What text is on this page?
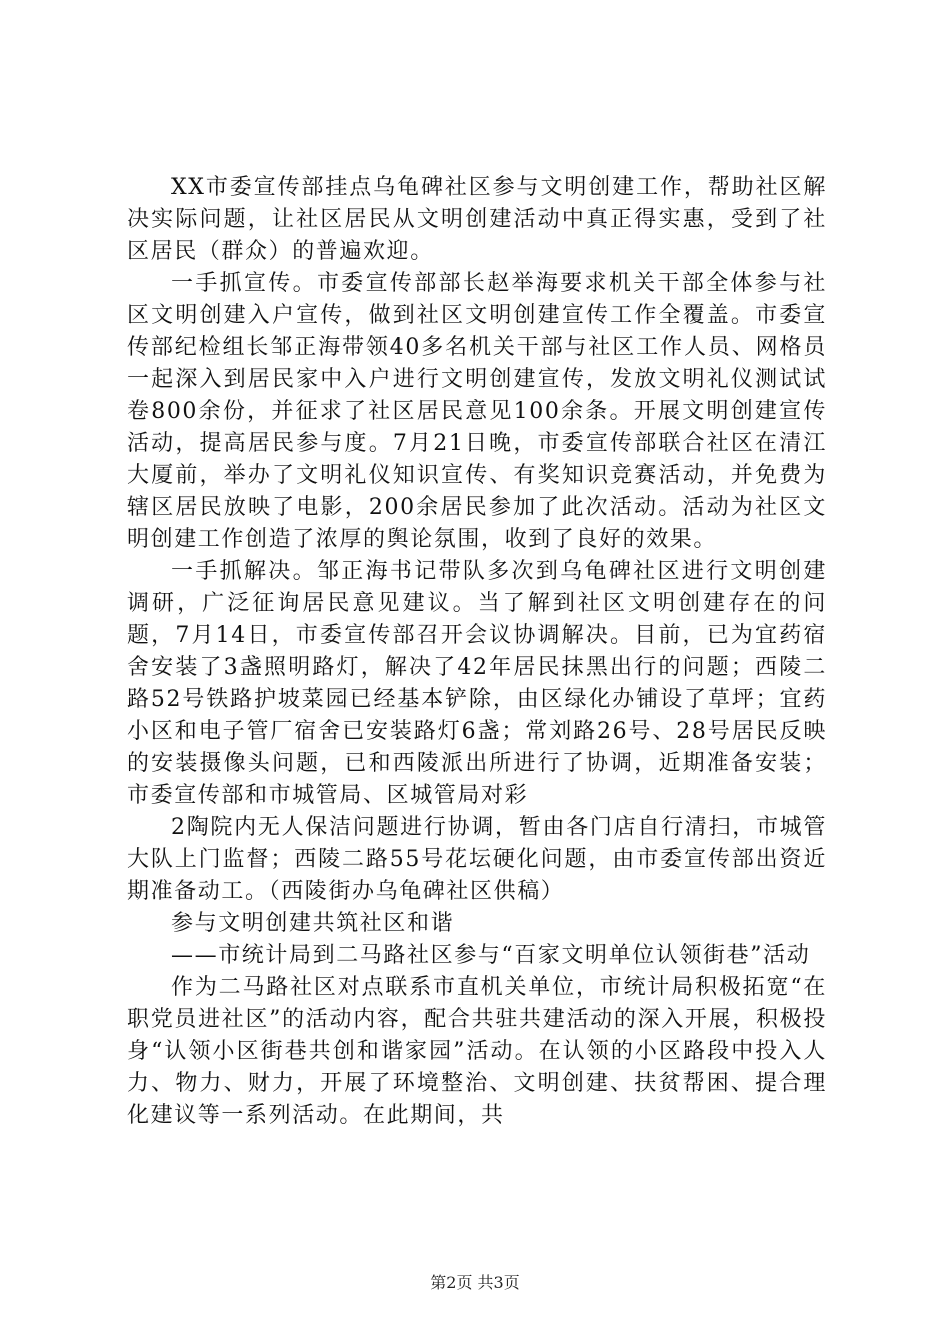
XX市委宣传部挂点乌龟碑社区参与文明创建工作，帮助社区解决实际问题，让社区居民从文明创建活动中真正得实惠，受到了社区居民（群众）的普遍欢迎。

一手抓宣传。市委宣传部部长赵举海要求机关干部全体参与社区文明创建入户宣传，做到社区文明创建宣传工作全覆盖。市委宣传部纪检组长邹正海带领40多名机关干部与社区工作人员、网格员一起深入到居民家中入户进行文明创建宣传，发放文明礼仪测试试卷800余份，并征求了社区居民意见100余条。开展文明创建宣传活动，提高居民参与度。7月21日晚，市委宣传部联合社区在清江大厦前，举办了文明礼仪知识宣传、有奖知识竞赛活动，并免费为辖区居民放映了电影，200余居民参加了此次活动。活动为社区文明创建工作创造了浓厚的舆论氛围，收到了良好的效果。

一手抓解决。邹正海书记带队多次到乌龟碑社区进行文明创建调研，广泛征询居民意见建议。当了解到社区文明创建存在的问题，7月14日，市委宣传部召开会议协调解决。目前，已为宜药宿舍安装了3盏照明路灯，解决了42年居民抹黑出行的问题；西陵二路52号铁路护坡菜园已经基本铲除，由区绿化办铺设了草坪；宜药小区和电子管厂宿舍已安装路灯6盏；常刘路26号、28号居民反映的安装摄像头问题，已和西陵派出所进行了协调，近期准备安装；市委宣传部和市城管局、区城管局对彩

2陶院内无人保洁问题进行协调，暂由各门店自行清扫，市城管大队上门监督；西陵二路55号花坛硬化问题，由市委宣传部出资近期准备动工。（西陵街办乌龟碑社区供稿）

参与文明创建共筑社区和谐

——市统计局到二马路社区参与“百家文明单位认领街巷”活动

作为二马路社区对点联系市直机关单位，市统计局积极拓宽“在职党员进社区”的活动内容，配合共驻共建活动的深入开展，积极投身“认领小区街巷共创和谐家园”活动。在认领的小区路段中投入人力、物力、财力，开展了环境整治、文明创建、扶贫帮困、提合理化建议等一系列活动。在此期间，共

第2页 共3页
